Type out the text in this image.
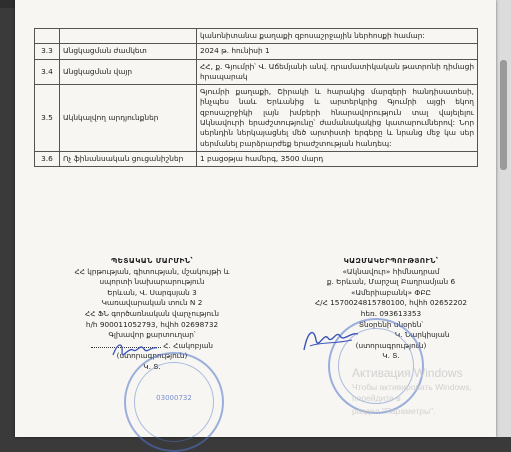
		կանոնիտանա քաղաքի զբոսաշրջային ներհոսքի համար:
3.3	Անցկացման ժամկետ	2024 թ. հունիսի 1
3.4	Անցկացման վայր	ՀՀ, ք. Գյումրի՝ Վ. Աճեմյանի անվ. դրամատիկական թատրոնի դիմացի հրապարակ
3.5	Ակնկալվող արդյունքներ	Գյումրի քաղաքի, Շիրակի և հարակից մարզերի հանդիսատեսի, ինչպես նաև Երևանից և արտերկրից Գյումրի այցի եկող զբոսաշրջիկի լայն խմբերի հնարավորություն տալ վայելելու Ակնավուրի երաժշտությունը՝ ժամանակակից կատարումներով: Նոր սերնդին ներկայացնել մեծ արտիստի երգերը և նրանց մեջ կա սեր սերմանել բարձրարժեք երաժշտության հանդեպ:
3.6	Ոչ ֆինանսական ցուցանիշներ	1 բացօթյա համերգ, 3500 մարդ
ՊԵՏԱԿԱՆ ՄԱՐՄԻՆ՝
ՀՀ կրթության, գիտության, մշակույթի և
սպորտի նախարարություն
Երևան, Վ. Սարգսյան 3
Կառավարական տուն N 2
ՀՀ ՖՆ գործառնական վարչություն
հ/հ 900011052793, հվհհ 02698732
Գլխավոր քարտուղար՝
Հ. Հակոբյան
(ստորագրություն)
Կ. Տ.
03000732
ԿԱԶՄԱԿԵՐՊՈՒԹՅՈՒՆ՝
«Ակնավուր» հիմնադրամ
ք. Երևան, Մարշալ Բաղրամյան 6
«Ամերիաբանկ» ՓԲԸ
Հ/Հ 1570024815780100, հվհհ 02652202
հեռ. 093613353
Տնօրենի սնօրեն՝
Կ. Նարկիսյան
(ստորագրություն)
Կ. Տ.
Активация Windows
Чтобы активировать Windows, перейдите в
раздел "Параметры".
